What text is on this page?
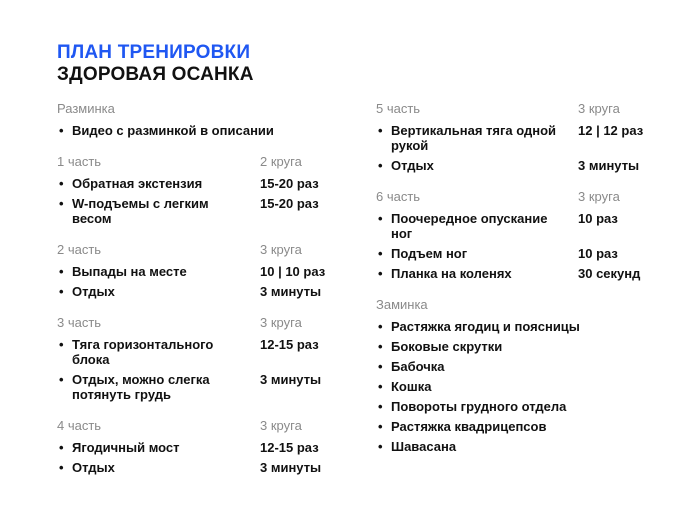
ПЛАН ТРЕНИРОВКИ
ЗДОРОВАЯ ОСАНКА
Разминка
• Видео с разминкой в описании
1 часть	2 круга
• Обратная экстензия	15-20 раз
• W-подъемы с легким весом
15-20 раз
2 часть	3 круга
• Выпады на месте	10 | 10 раз
• Отдых	3 минуты
3 часть	3 круга
• Тяга горизонтального блока
12-15 раз
• Отдых, можно слегка потянуть грудь
3 минуты
4 часть	3 круга
• Ягодичный мост	12-15 раз
• Отдых	3 минуты
5 часть	3 круга
• Вертикальная тяга одной рукой
12 | 12 раз
• Отдых	3 минуты
6 часть	3 круга
• Поочередное опускание ног
10 раз
• Подъем ног	10 раз
• Планка на коленях	30 секунд
Заминка
• Растяжка ягодиц и поясницы
• Боковые скрутки
• Бабочка
• Кошка
• Повороты грудного отдела
• Растяжка квадрицепсов
• Шавасана
